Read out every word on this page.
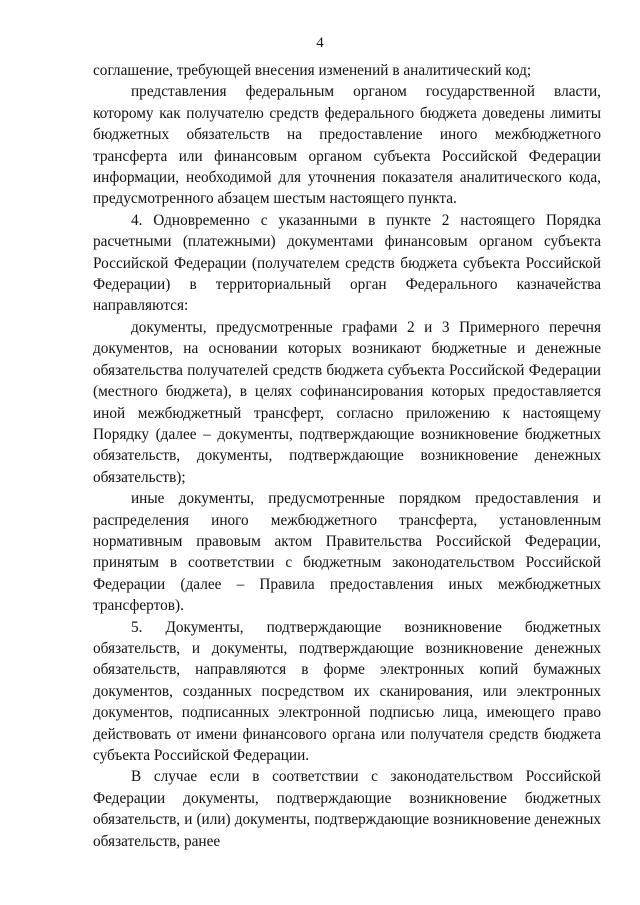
4

соглашение, требующей внесения изменений в аналитический код;

представления федеральным органом государственной власти, которому как получателю средств федерального бюджета доведены лимиты бюджетных обязательств на предоставление иного межбюджетного трансферта или финансовым органом субъекта Российской Федерации информации, необходимой для уточнения показателя аналитического кода, предусмотренного абзацем шестым настоящего пункта.

4. Одновременно с указанными в пункте 2 настоящего Порядка расчетными (платежными) документами финансовым органом субъекта Российской Федерации (получателем средств бюджета субъекта Российской Федерации) в территориальный орган Федерального казначейства направляются:

документы, предусмотренные графами 2 и 3 Примерного перечня документов, на основании которых возникают бюджетные и денежные обязательства получателей средств бюджета субъекта Российской Федерации (местного бюджета), в целях софинансирования которых предоставляется иной межбюджетный трансферт, согласно приложению к настоящему Порядку (далее – документы, подтверждающие возникновение бюджетных обязательств, документы, подтверждающие возникновение денежных обязательств);

иные документы, предусмотренные порядком предоставления и распределения иного межбюджетного трансферта, установленным нормативным правовым актом Правительства Российской Федерации, принятым в соответствии с бюджетным законодательством Российской Федерации (далее – Правила предоставления иных межбюджетных трансфертов).

5. Документы, подтверждающие возникновение бюджетных обязательств, и документы, подтверждающие возникновение денежных обязательств, направляются в форме электронных копий бумажных документов, созданных посредством их сканирования, или электронных документов, подписанных электронной подписью лица, имеющего право действовать от имени финансового органа или получателя средств бюджета субъекта Российской Федерации.

В случае если в соответствии с законодательством Российской Федерации документы, подтверждающие возникновение бюджетных обязательств, и (или) документы, подтверждающие возникновение денежных обязательств, ранее
